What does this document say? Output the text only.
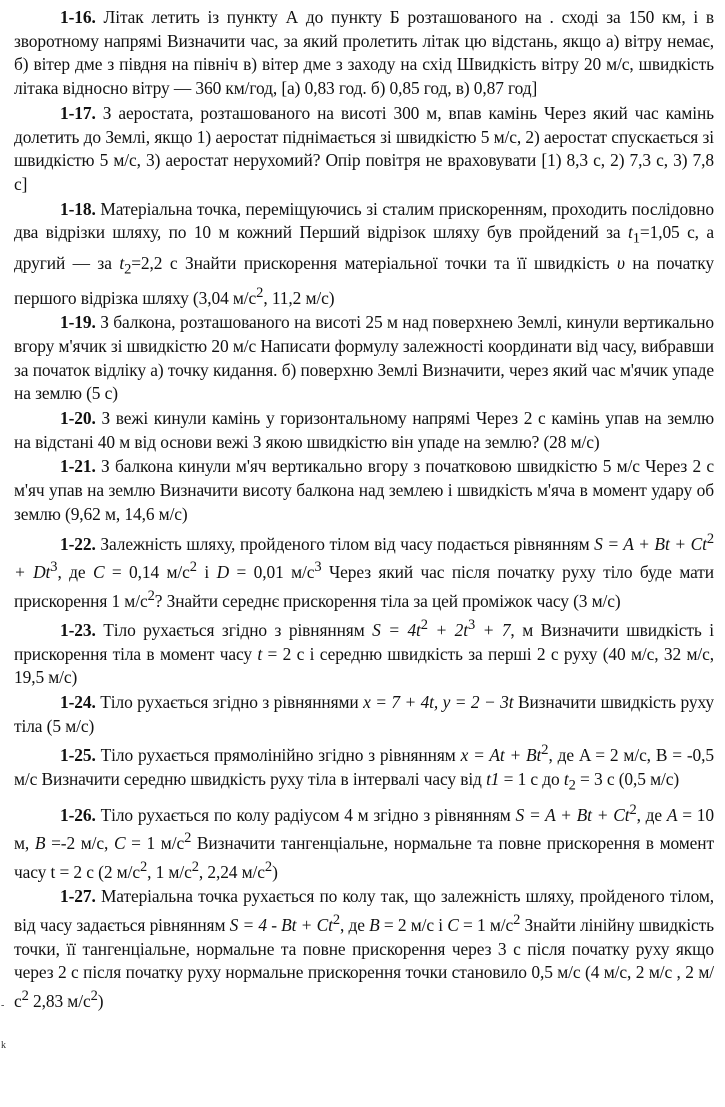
1-16. Літак летить із пункту А до пункту Б розташованого на . сході за 150 км, і в зворотному напрямі Визначити час, за який пролетить літак цю відстань, якщо а) вітру немає, б) вітер дме з півдня на північ в) вітер дме з заходу на схід Швидкість вітру 20 м/с, швидкість літака відносно вітру — 360 км/год, [а) 0,83 год. б) 0,85 год, в) 0,87 год]

1-17. З аеростата, розташованого на висоті 300 м, впав камінь Через який час камінь долетить до Землі, якщо 1) аеростат піднімається зі швидкістю 5 м/с, 2) аеростат спускається зі швидкістю 5 м/с, 3) аеростат нерухомий? Опір повітря не враховувати [1) 8,3 с, 2) 7,3 с, 3) 7,8 с]

1-18. Матеріальна точка, переміщуючись зі сталим прискоренням, проходить послідовно два відрізки шляху, по 10 м кожний Перший відрізок шляху був пройдений за $t_1=1,05$ с, а другий — за $t_2=2,2$ с Знайти прискорення матеріальної точки та її швидкість υ на початку першого відрізка шляху (3,04 $м/с^2$, 11,2 м/с)

1-19. З балкона, розташованого на висоті 25 м над поверхнею Землі, кинули вертикально вгору м'ячик зі швидкістю 20 м/с Написати формулу залежності координати від часу, вибравши за початок відліку а) точку кидання. б) поверхню Землі Визначити, через який час м'ячик упаде на землю (5 с)

1-20. З вежі кинули камінь у горизонтальному напрямі Через 2 с камінь упав на землю на відстані 40 м від основи вежі З якою швидкістю він упаде на землю? (28 м/с)

1-21. З балкона кинули м'яч вертикально вгору з початковою швидкістю 5 м/с Через 2 с м'яч упав на землю Визначити висоту балкона над землею і швидкість м'яча в момент удару об землю (9,62 м, 14,6 м/с)

1-22. Залежність шляху, пройденого тілом від часу подається рівнянням $S = A + Bt + Ct^2 + Dt^3$, де C = 0,14 $м/с^2$ і D = 0,01 $м/с^3$ Через який час після початку руху тіло буде мати прискорення 1 $м/с^2$? Знайти середнє прискорення тіла за цей проміжок часу (3 м/с)

1-23. Тіло рухається згідно з рівнянням $S = 4t^2 + 2t^3 + 7$, м Визначити швидкість і прискорення тіла в момент часу t = 2 с і середню швидкість за перші 2 с руху (40 м/с, 32 м/с, 19,5 м/с)

1-24. Тіло рухається згідно з рівняннями x = 7 + 4t, y = 2 − 3t Визначити швидкість руху тіла (5 м/с)

1-25. Тіло рухається прямолінійно згідно з рівнянням $x = At + Bt^2$, де A = 2 м/с, B = -0,5 м/с Визначити середню швидкість руху тіла в інтервалі часу від t1 = 1 с до $t_2 = 3$ с (0,5 м/с)

1-26. Тіло рухається по колу радіусом 4 м згідно з рівнянням $S = A + Bt + Ct^2$, де A = 10 м, B =-2 м/с, C = 1 $м/с^2$ Визначити тангенціальне, нормальне та повне прискорення в момент часу t = 2 с (2 $м/с^2$, 1 $м/с^2$, 2,24 $м/с^2$)

1-27. Матеріальна точка рухається по колу так, що залежність шляху, пройденого тілом, від часу задається рівнянням $S = 4 - Bt + Ct^2$, де B = 2 м/с і C = 1 $м/с^2$ Знайти лінійну швидкість точки, її тангенціальне, нормальне та повне прискорення через 3 с після початку руху якщо через 2 с після початку руху нормальне прискорення точки становило 0,5 м/с (4 м/с, 2 м/с , 2 $м/с^2$ 2,83 $м/с^2$)

-
k
